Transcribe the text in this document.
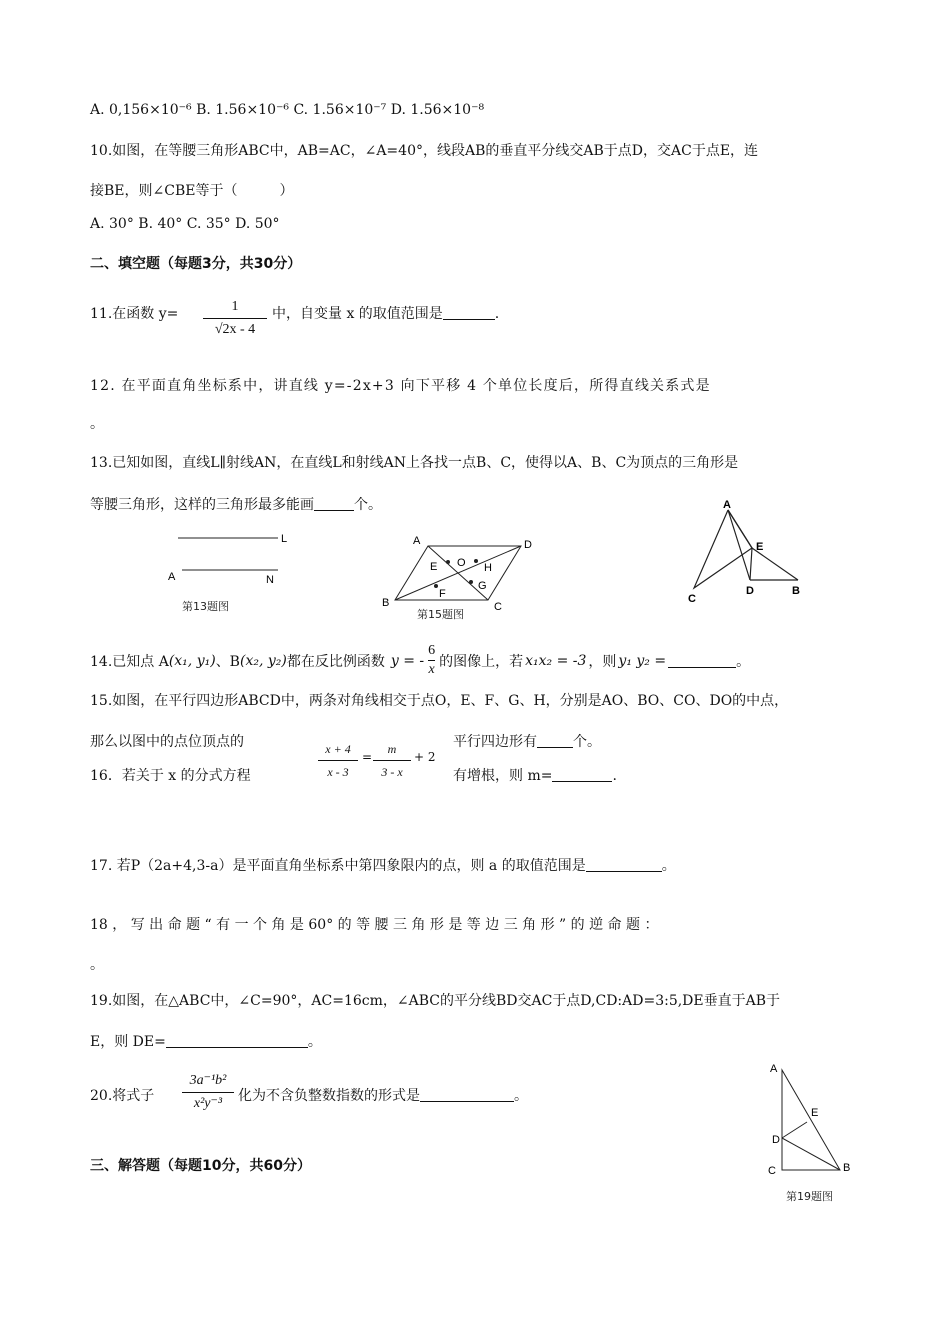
A. 0,156×10⁻⁶ B. 1.56×10⁻⁶ C. 1.56×10⁻⁷ D. 1.56×10⁻⁸
10.如图，在等腰三角形ABC中，AB=AC，∠A=40°，线段AB的垂直平分线交AB于点D，交AC于点E，连
接BE，则∠CBE等于（　　　）
A. 30° B. 40° C. 35° D. 50°
二、填空题（每题3分，共30分）
11.在函数 y=	1
√2x - 4
中，自变量 x 的取值范围是	.
12. 在平面直角坐标系中，讲直线 y=-2x+3 向下平移 4 个单位长度后，所得直线关系式是
。
13.已知如图，直线L∥射线AN，在直线L和射线AN上各找一点B、C，使得以A、B、C为顶点的三角形是
等腰三角形，这样的三角形最多能画	个。
L
A	N
第13题图
A	D
B	C
O
E	H
F
G
第15题图
A
E
C
D	B
14.已知点 A (x₁, y₁) 、B (x₂, y₂) 都在反比例函数 y = -
6
x 的图像上，若 x₁x₂ = -3 ，则 y₁ y₂ =	。
15.如图，在平行四边形ABCD中，两条对角线相交于点O，E、F、G、H，分别是AO、BO、CO、DO的中点，
那么以图中的点位顶点的	平行四边形有	个。
16．若关于 x 的分式方程
x + 4
x - 3
=
m
3 - x
+ 2
有增根，则 m=	.
17. 若P（2a+4,3-a）是平面直角坐标系中第四象限内的点，则 a 的取值范围是	。
18 ， 写 出 命 题 “ 有 一 个 角 是 60° 的 等 腰 三 角 形 是 等 边 三 角 形 ” 的 逆 命 题 ：
。
19.如图，在△ABC中，∠C=90°，AC=16cm，∠ABC的平分线BD交AC于点D,CD:AD=3:5,DE垂直于AB于
E，则 DE=	。
20.将式子
3a⁻¹b²
x²y⁻³	化为不含负整数指数的形式是	。
A
E
D
C	B
第19题图
三、解答题（每题10分，共60分）
